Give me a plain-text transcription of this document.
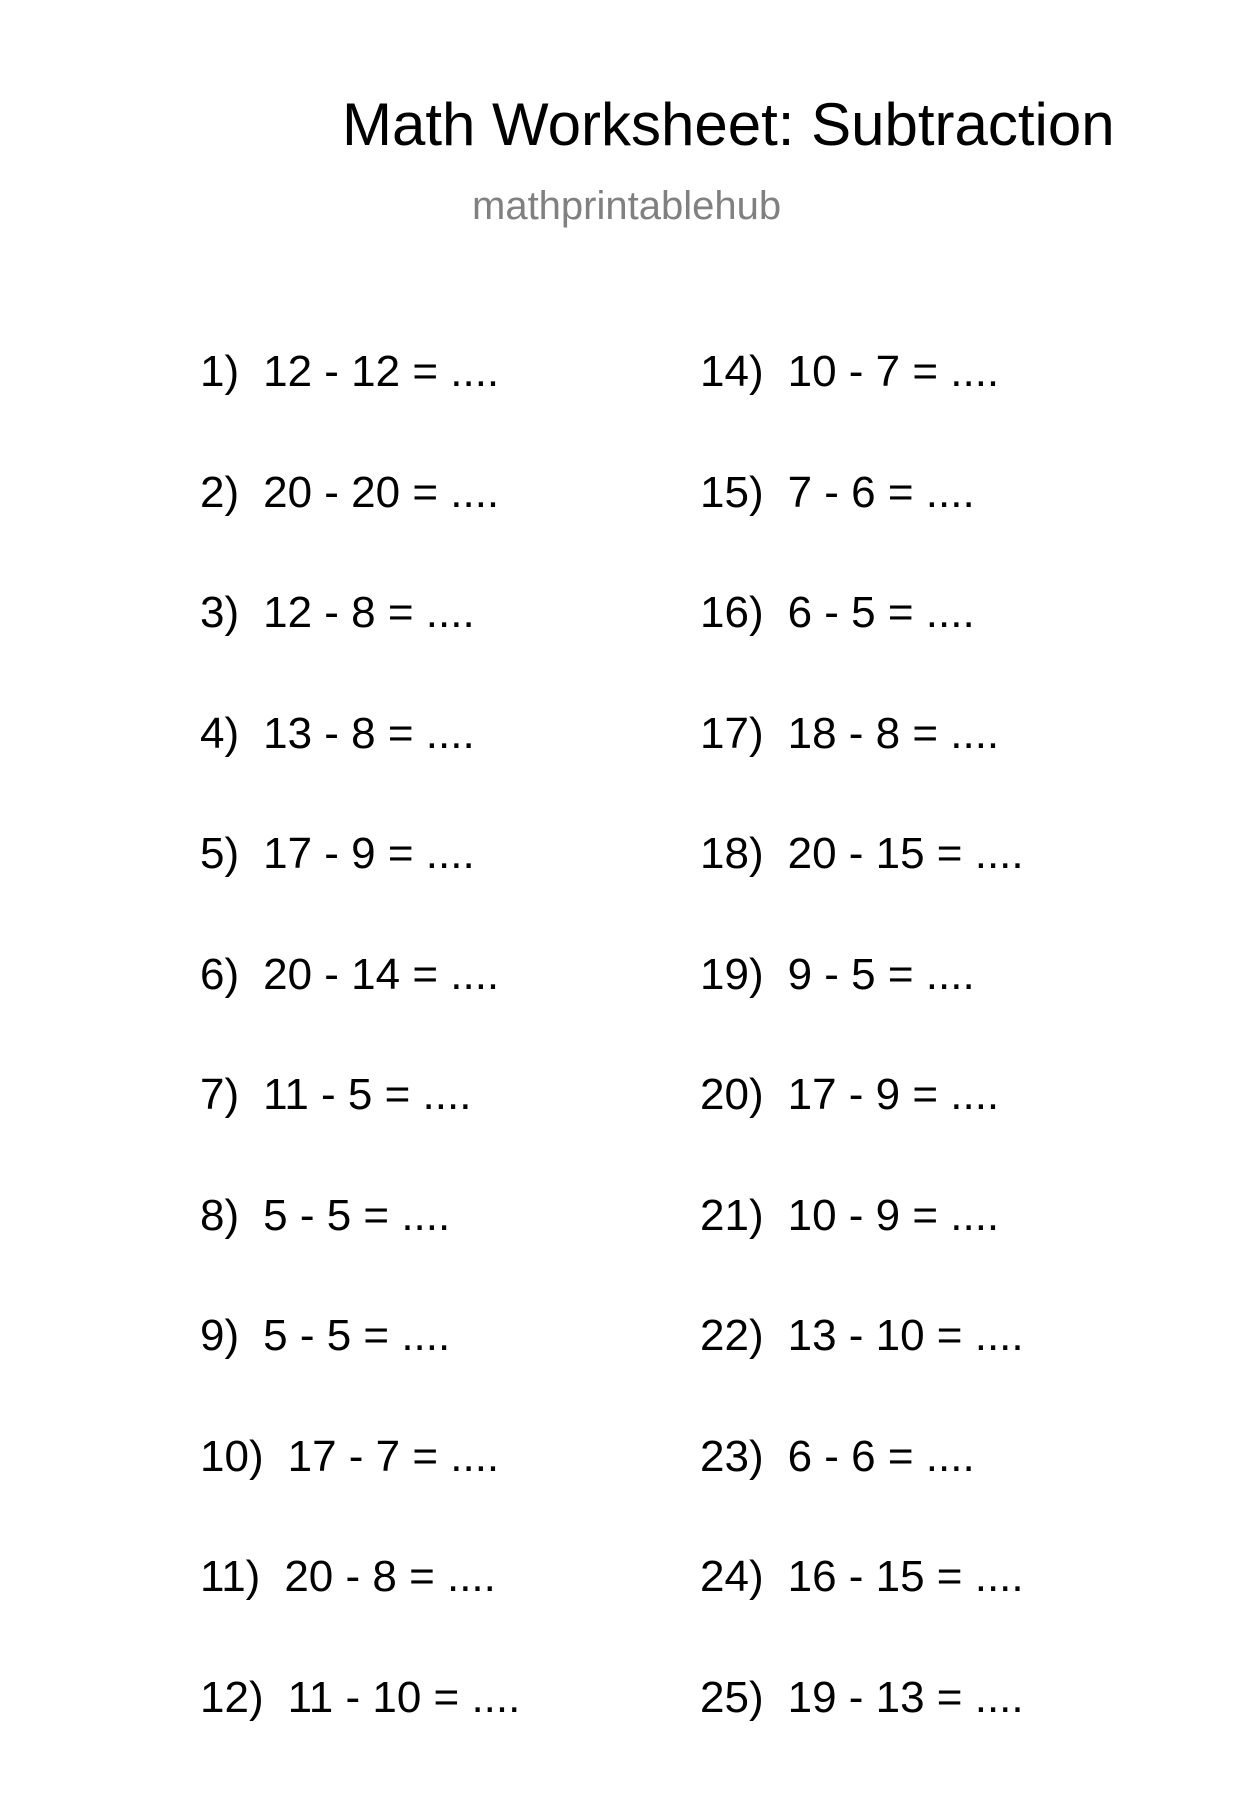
Math Worksheet: Subtraction
mathprintablehub
1) 12 - 12 = ....
2) 20 - 20 = ....
3) 12 - 8 = ....
4) 13 - 8 = ....
5) 17 - 9 = ....
6) 20 - 14 = ....
7) 11 - 5 = ....
8) 5 - 5 = ....
9) 5 - 5 = ....
10) 17 - 7 = ....
11) 20 - 8 = ....
12) 11 - 10 = ....
14) 10 - 7 = ....
15) 7 - 6 = ....
16) 6 - 5 = ....
17) 18 - 8 = ....
18) 20 - 15 = ....
19) 9 - 5 = ....
20) 17 - 9 = ....
21) 10 - 9 = ....
22) 13 - 10 = ....
23) 6 - 6 = ....
24) 16 - 15 = ....
25) 19 - 13 = ....
